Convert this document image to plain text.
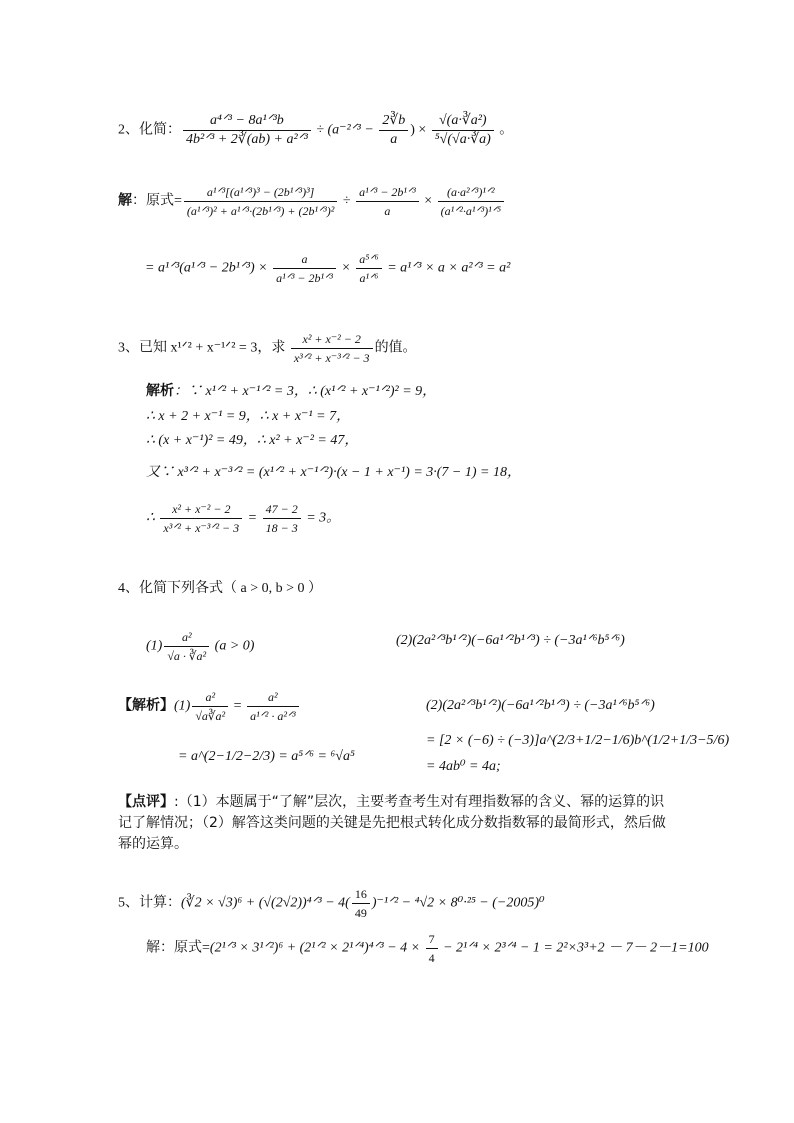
2、化简：
a⁴ᐟ³ − 8a¹ᐟ³b
4b²ᐟ³ + 2∛(ab) + a²ᐟ³
÷ (a⁻²ᐟ³ − $\frac{2∛b}{a}$ ) × $\frac{\text{√(a·∛a²)}}{\text{⁵√(√a·∛a)}}$ 。
解：原式=
a¹ᐟ³[(a¹ᐟ³)³ − (2b¹ᐟ³)³]
(a¹ᐟ³)² + a¹ᐟ³·(2b¹ᐟ³) + (2b¹ᐟ³)²
÷
a¹ᐟ³ − 2b¹ᐟ³
a
×
(a·a²ᐟ³)¹ᐟ²
(a¹ᐟ²·a¹ᐟ³)¹ᐟ⁵
= a¹ᐟ³(a¹ᐟ³ − 2b¹ᐟ³) ×
a
a¹ᐟ³ − 2b¹ᐟ³
×
a⁵ᐟ⁶
a¹ᐟ⁶
= a¹ᐟ³ × a × a²ᐟ³ = a²
3、已知 x¹ᐟ² + x⁻¹ᐟ² = 3，求
x² + x⁻² − 2
x³ᐟ² + x⁻³ᐟ² − 3
的值。
解析：∵ x¹ᐟ² + x⁻¹ᐟ² = 3，∴ (x¹ᐟ² + x⁻¹ᐟ²)² = 9，
∴ x + 2 + x⁻¹ = 9，∴ x + x⁻¹ = 7，
∴ (x + x⁻¹)² = 49，∴ x² + x⁻² = 47，
又∵ x³ᐟ² + x⁻³ᐟ² = (x¹ᐟ² + x⁻¹ᐟ²)·(x − 1 + x⁻¹) = 3·(7 − 1) = 18，
∴
x² + x⁻² − 2
x³ᐟ² + x⁻³ᐟ² − 3
= $\frac{47 - 2}{18 - 3} = 3$。
4、化简下列各式（ a > 0, b > 0 ）
$(1) \frac{\text{a²}}{\text{√a · ∛a²}} (a > 0)$	(2)(2a²ᐟ³b¹ᐟ²)(−6a¹ᐟ²b¹ᐟ³) ÷ (−3a¹ᐟ⁶b⁵ᐟ⁶)
【解析】$(1) \frac{\text{a²}}{\text{√a∛a²}}$ =
a²
a¹ᐟ² · a²ᐟ³
= a^(2−1/2−2/3) = a⁵ᐟ⁶ = ⁶√a⁵
(2)(2a²ᐟ³b¹ᐟ²)(−6a¹ᐟ²b¹ᐟ³) ÷ (−3a¹ᐟ⁶b⁵ᐟ⁶)
= [2 × (−6) ÷ (−3)]a^(2/3+1/2−1/6)b^(1/2+1/3−5/6)
= 4ab⁰ = 4a;
【点评】:（1）本题属于“了解”层次，主要考查考生对有理指数幂的含义、幂的运算的识记了解情况；（2）解答这类问题的关键是先把根式转化成分数指数幂的最简形式，然后做幂的运算。
5、计算：(∛2 × √3)⁶ + (√(2√2))⁴ᐟ³ − $4( \frac{16}{49}$ )⁻¹ᐟ² − ⁴√2 × 8⁰·²⁵ − (−2005)⁰
解：原式=(2¹ᐟ³ × 3¹ᐟ²)⁶ + (2¹ᐟ² × 2¹ᐟ⁴)⁴ᐟ³ − $4 \times \frac{7}{4}$ − 2¹ᐟ⁴ × 2³ᐟ⁴ − 1 = 2²×3³+2 － 7－ 2－1=100
